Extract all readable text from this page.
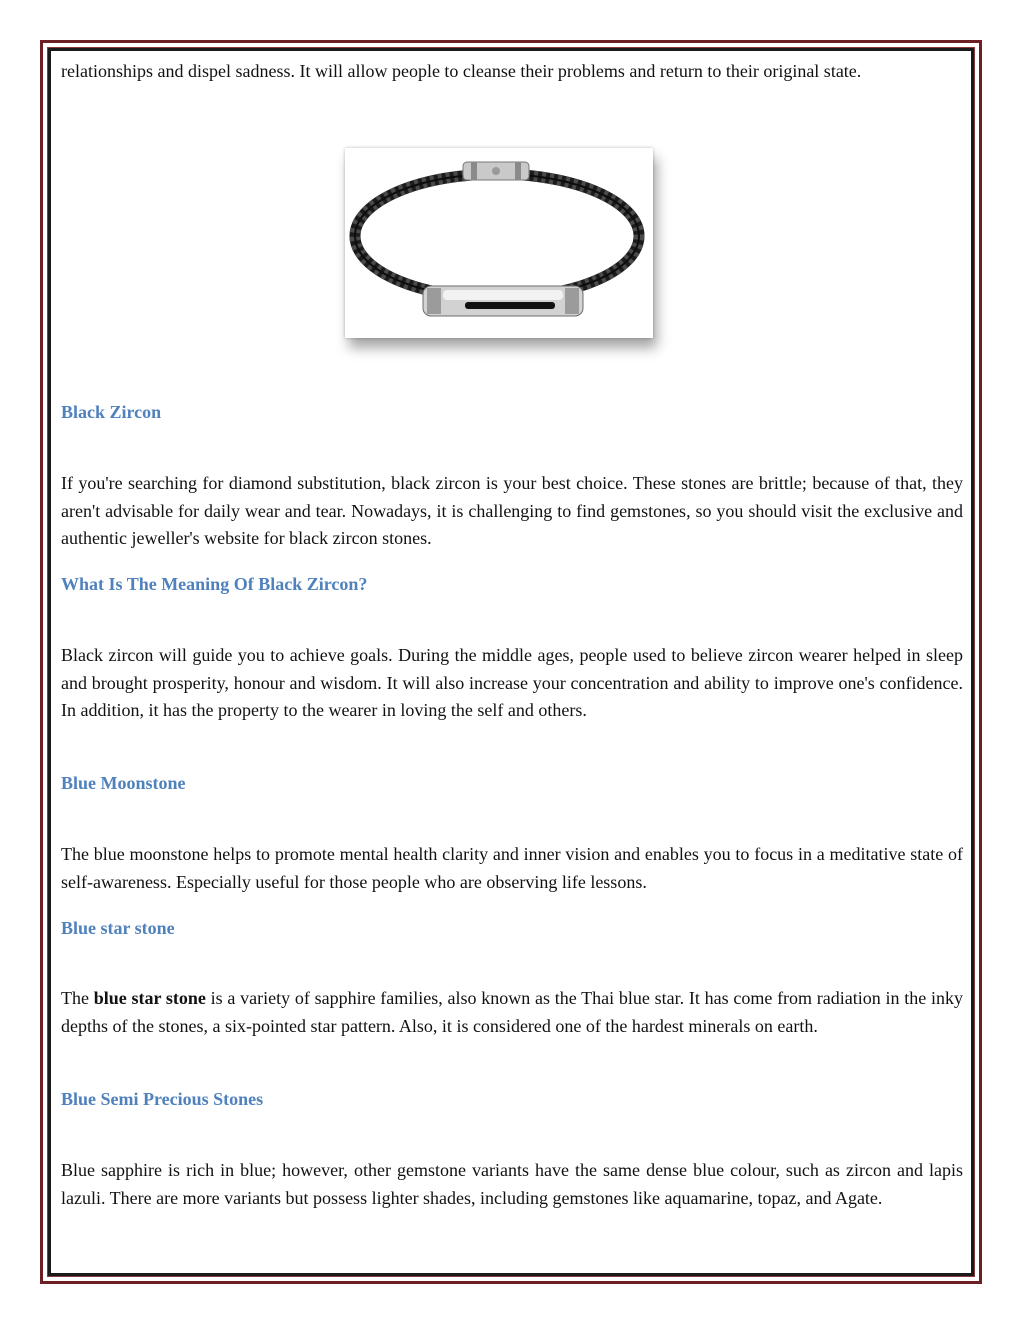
relationships and dispel sadness. It will allow people to cleanse their problems and return to their original state.

Black Zircon

If you're searching for diamond substitution, black zircon is your best choice. These stones are brittle; because of that, they aren't advisable for daily wear and tear. Nowadays, it is challenging to find gemstones, so you should visit the exclusive and authentic jeweller's website for black zircon stones.

What Is The Meaning Of Black Zircon?

Black zircon will guide you to achieve goals. During the middle ages, people used to believe zircon wearer helped in sleep and brought prosperity, honour and wisdom. It will also increase your concentration and ability to improve one's confidence. In addition, it has the property to the wearer in loving the self and others.

Blue Moonstone

The blue moonstone helps to promote mental health clarity and inner vision and enables you to focus in a meditative state of self-awareness. Especially useful for those people who are observing life lessons.

Blue star stone

The blue star stone is a variety of sapphire families, also known as the Thai blue star. It has come from radiation in the inky depths of the stones, a six-pointed star pattern. Also, it is considered one of the hardest minerals on earth.

Blue Semi Precious Stones

Blue sapphire is rich in blue; however, other gemstone variants have the same dense blue colour, such as zircon and lapis lazuli. There are more variants but possess lighter shades, including gemstones like aquamarine, topaz, and Agate.
